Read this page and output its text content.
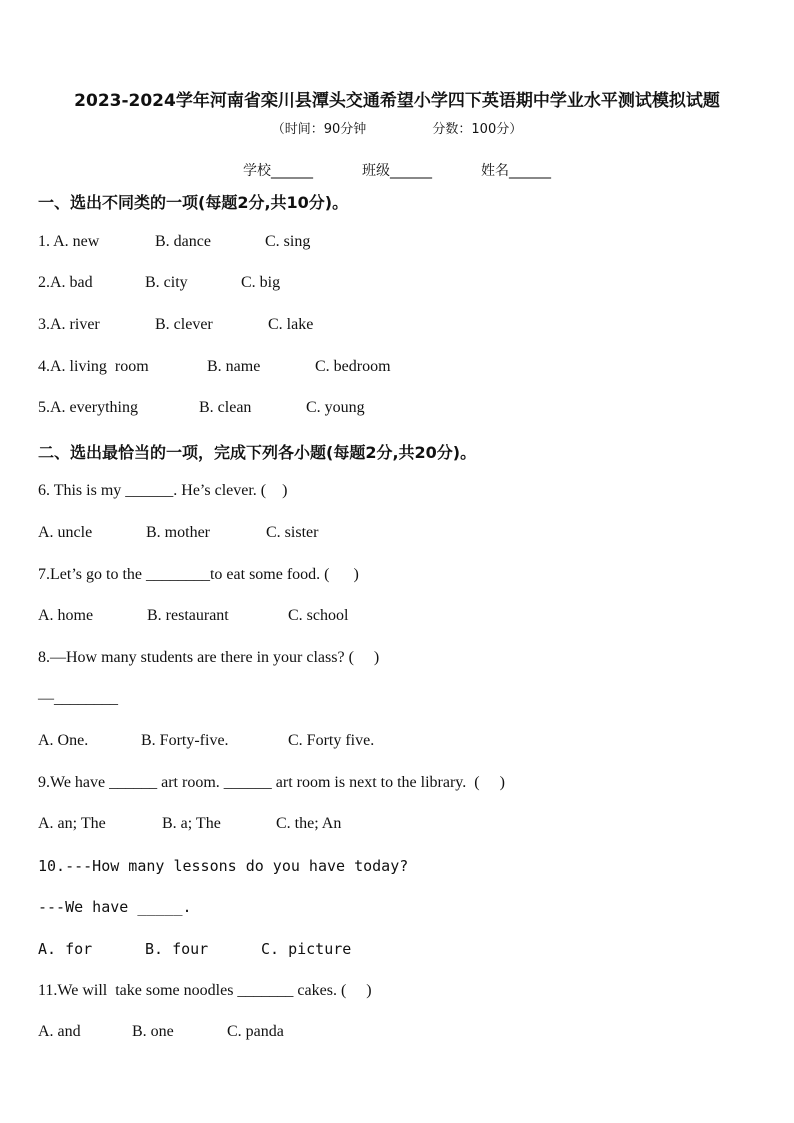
2023-2024学年河南省栾川县潭头交通希望小学四下英语期中学业水平测试模拟试题
（时间：90分钟                分数：100分）
学校______           班级______           姓名______
一、选出不同类的一项(每题2分,共10分)。
1. A. new	B. dance	C. sing
2.A. bad	B. city	C. big
3.A. river	B. clever	C. lake
4.A. living  room	B. name	C. bedroom
5.A. everything	B. clean	C. young
二、选出最恰当的一项，完成下列各小题(每题2分,共20分)。
6. This is my ______. He’s clever. (    )
A. uncle	B. mother	C. sister
7.Let’s go to the ________to eat some food. (      )
A. home	B. restaurant	C. school
8.—How many students are there in your class? (     )
—________
A. One.	B. Forty-five.	C. Forty five.
9.We have ______ art room. ______ art room is next to the library.  (     )
A. an; The	B. a; The	C. the; An
10.---How many lessons do you have today?
---We have _____.
A. for	B. four	C. picture
11.We will  take some noodles _______ cakes. (     )
A. and	B. one	C. panda
